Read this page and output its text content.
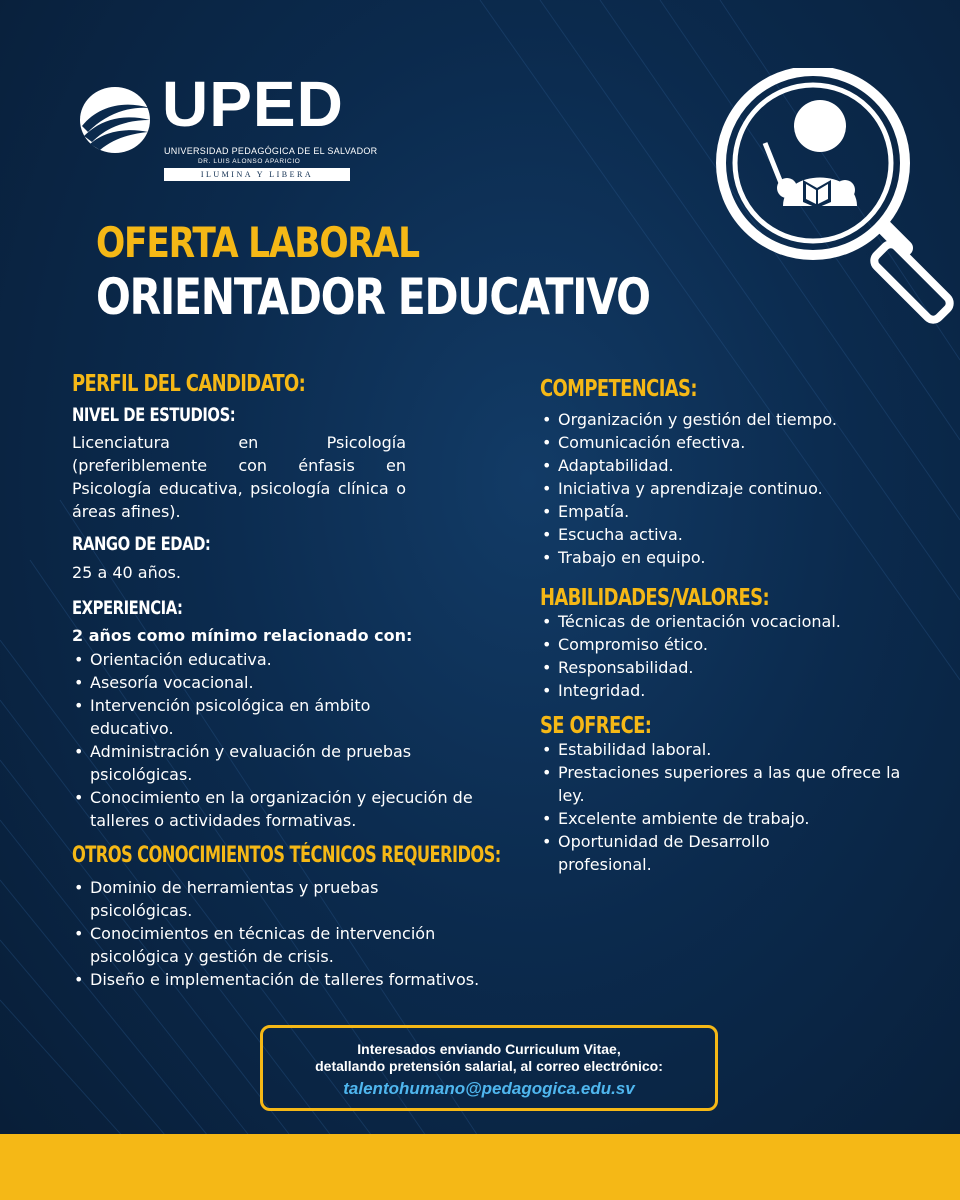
UPED
UNIVERSIDAD PEDAGÓGICA DE EL SALVADOR
DR. LUIS ALONSO APARICIO
ILUMINA Y LIBERA
OFERTA LABORAL
ORIENTADOR EDUCATIVO
PERFIL DEL CANDIDATO:
NIVEL DE ESTUDIOS:
Licenciatura en Psicología (preferiblemente con énfasis en Psicología educativa, psicología clínica o áreas afines).
RANGO DE EDAD:
25 a 40 años.
EXPERIENCIA:
2 años como mínimo relacionado con:
• Orientación educativa.
• Asesoría vocacional.
• Intervención psicológica en ámbito educativo.
• Administración y evaluación de pruebas psicológicas.
• Conocimiento en la organización y ejecución de talleres o actividades formativas.
OTROS CONOCIMIENTOS TÉCNICOS REQUERIDOS:
• Dominio de herramientas y pruebas psicológicas.
• Conocimientos en técnicas de intervención psicológica y gestión de crisis.
• Diseño e implementación de talleres formativos.
COMPETENCIAS:
• Organización y gestión del tiempo.
• Comunicación efectiva.
• Adaptabilidad.
• Iniciativa y aprendizaje continuo.
• Empatía.
• Escucha activa.
• Trabajo en equipo.
HABILIDADES/VALORES:
• Técnicas de orientación vocacional.
• Compromiso ético.
• Responsabilidad.
• Integridad.
SE OFRECE:
• Estabilidad laboral.
• Prestaciones superiores a las que ofrece la ley.
• Excelente ambiente de trabajo.
• Oportunidad de Desarrollo profesional.
Interesados enviando Curriculum Vitae,
detallando pretensión salarial, al correo electrónico:
talentohumano@pedagogica.edu.sv
